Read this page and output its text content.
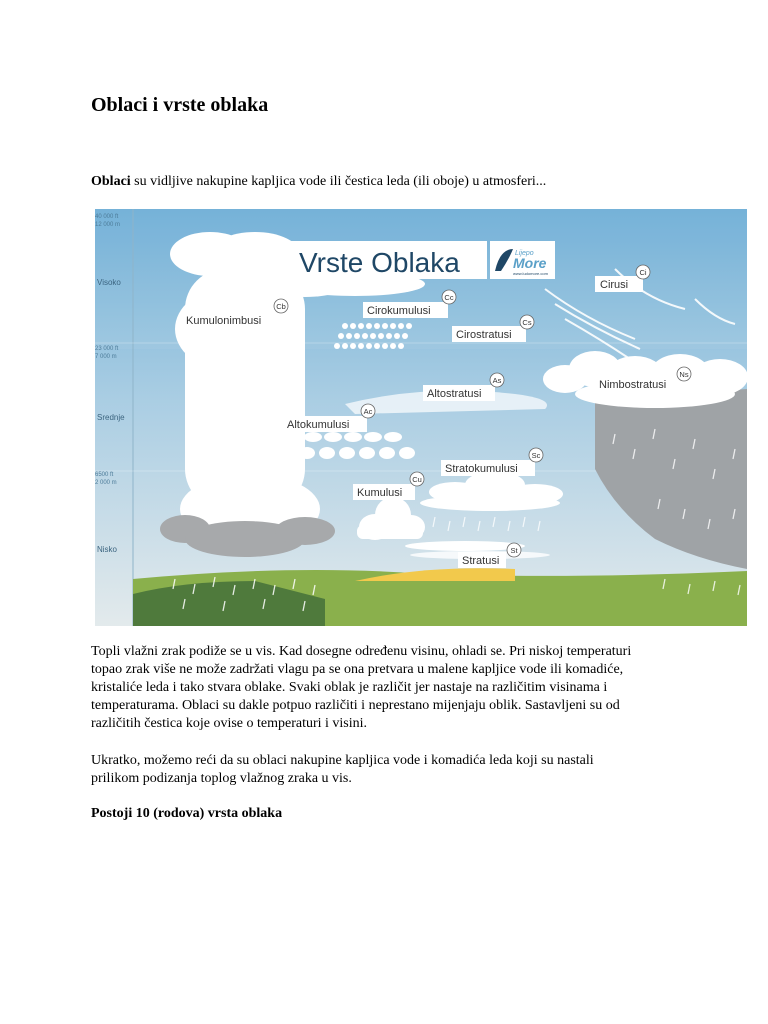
Oblaci i vrste oblaka

Oblaci su vidljive nakupine kapljica vode ili čestica leda (ili oboje) u atmosferi...

40 000 ft
12 000 m
23 000 ft
7 000 m
6500 ft
2 000 m
Visoko
Srednje
Nisko
Vrste Oblaka	Lijepo
More
www.ludomore.com
Kumulonimbusi
Cirokumulusi
Cirostratusi
Cirusi
Nimbostratusi
Altostratusi
Altokumulusi
Stratokumulusi
Kumulusi
Stratusi
Cb
Cc
Cs
Ci
Ns
As
Ac
Sc
Cu
St

Topli vlažni zrak podiže se u vis. Kad dosegne određenu visinu, ohladi se. Pri niskoj temperaturi
topao zrak više ne može zadržati vlagu pa se ona pretvara u malene kapljice vode ili komadiće,
kristaliće leda i tako stvara oblake. Svaki oblak je različit jer nastaje na različitim visinama i
temperaturama. Oblaci su dakle potpuo različiti i neprestano mijenjaju oblik. Sastavljeni su od
različitih čestica koje ovise o temperaturi i visini.

Ukratko, možemo reći da su oblaci nakupine kapljica vode i komadića leda koji su nastali
prilikom podizanja toplog vlažnog zraka u vis.

Postoji 10 (rodova) vrsta oblaka
